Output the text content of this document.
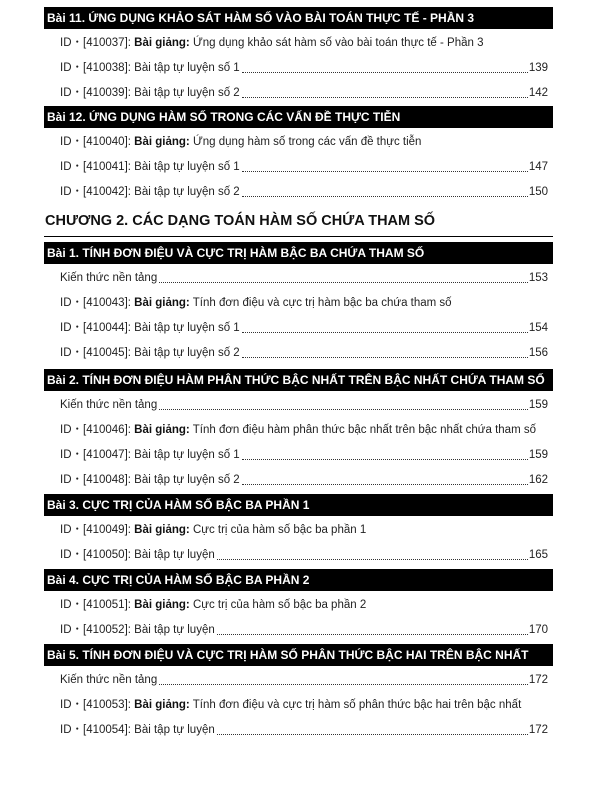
Bài 11. ỨNG DỤNG KHẢO SÁT HÀM SỐ VÀO BÀI TOÁN THỰC TẾ - PHẦN 3
ID・[410037]: Bài giảng: Ứng dụng khảo sát hàm số vào bài toán thực tế - Phần 3
ID・[410038]: Bài tập tự luyện số 1	139
ID・[410039]: Bài tập tự luyện số 2	142
Bài 12. ỨNG DỤNG HÀM SỐ TRONG CÁC VẤN ĐỀ THỰC TIỄN
ID・[410040]: Bài giảng: Ứng dụng hàm số trong các vấn đề thực tiễn
ID・[410041]: Bài tập tự luyện số 1	147
ID・[410042]: Bài tập tự luyện số 2	150
CHƯƠNG 2. CÁC DẠNG TOÁN HÀM SỐ CHỨA THAM SỐ
Bài 1. TÍNH ĐƠN ĐIỆU VÀ CỰC TRỊ HÀM BẬC BA CHỨA THAM SỐ
Kiến thức nền tảng	153
ID・[410043]: Bài giảng: Tính đơn điệu và cực trị hàm bậc ba chứa tham số
ID・[410044]: Bài tập tự luyện số 1	154
ID・[410045]: Bài tập tự luyện số 2	156
Bài 2. TÍNH ĐƠN ĐIỆU HÀM PHÂN THỨC BẬC NHẤT TRÊN BẬC NHẤT CHỨA THAM SỐ
Kiến thức nền tảng	159
ID・[410046]: Bài giảng: Tính đơn điệu hàm phân thức bậc nhất trên bậc nhất chứa tham số
ID・[410047]: Bài tập tự luyện số 1	159
ID・[410048]: Bài tập tự luyện số 2	162
Bài 3. CỰC TRỊ CỦA HÀM SỐ BẬC BA PHẦN 1
ID・[410049]: Bài giảng: Cực trị của hàm số bậc ba phần 1
ID・[410050]: Bài tập tự luyện	165
Bài 4. CỰC TRỊ CỦA HÀM SỐ BẬC BA PHẦN 2
ID・[410051]: Bài giảng: Cực trị của hàm số bậc ba phần 2
ID・[410052]: Bài tập tự luyện	170
Bài 5. TÍNH ĐƠN ĐIỆU VÀ CỰC TRỊ HÀM SỐ PHÂN THỨC BẬC HAI TRÊN BẬC NHẤT
Kiến thức nền tảng	172
ID・[410053]: Bài giảng: Tính đơn điệu và cực trị hàm số phân thức bậc hai trên bậc nhất
ID・[410054]: Bài tập tự luyện	172
